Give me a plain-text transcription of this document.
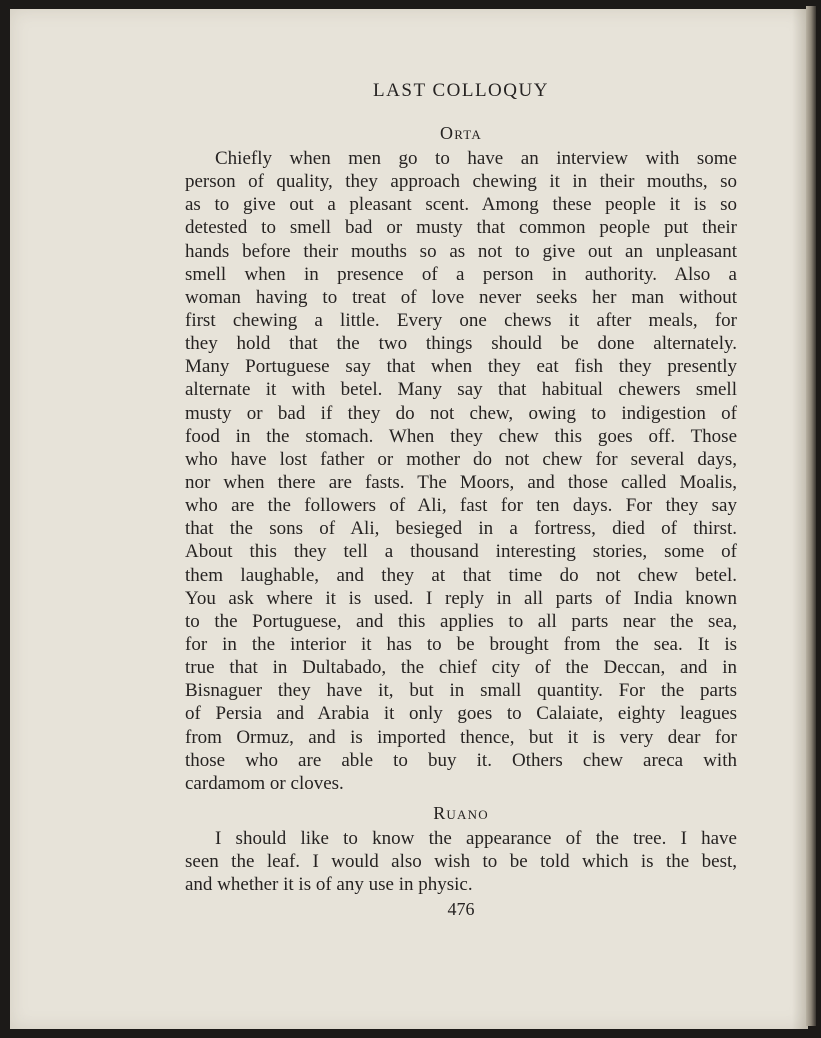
LAST COLLOQUY
Orta
Chiefly when men go to have an interview with some
person of quality, they approach chewing it in their mouths, so
as to give out a pleasant scent. Among these people it is so
detested to smell bad or musty that common people put their
hands before their mouths so as not to give out an unpleasant
smell when in presence of a person in authority. Also a
woman having to treat of love never seeks her man without
first chewing a little. Every one chews it after meals, for
they hold that the two things should be done alternately.
Many Portuguese say that when they eat fish they presently
alternate it with betel. Many say that habitual chewers smell
musty or bad if they do not chew, owing to indigestion of
food in the stomach. When they chew this goes off. Those
who have lost father or mother do not chew for several days,
nor when there are fasts. The Moors, and those called Moalis,
who are the followers of Ali, fast for ten days. For they say
that the sons of Ali, besieged in a fortress, died of thirst.
About this they tell a thousand interesting stories, some of
them laughable, and they at that time do not chew betel.
You ask where it is used. I reply in all parts of India known
to the Portuguese, and this applies to all parts near the sea,
for in the interior it has to be brought from the sea. It is
true that in Dultabado, the chief city of the Deccan, and in
Bisnaguer they have it, but in small quantity. For the parts
of Persia and Arabia it only goes to Calaiate, eighty leagues
from Ormuz, and is imported thence, but it is very dear for
those who are able to buy it. Others chew areca with
cardamom or cloves.
Ruano
I should like to know the appearance of the tree. I have
seen the leaf. I would also wish to be told which is the best,
and whether it is of any use in physic.
476
